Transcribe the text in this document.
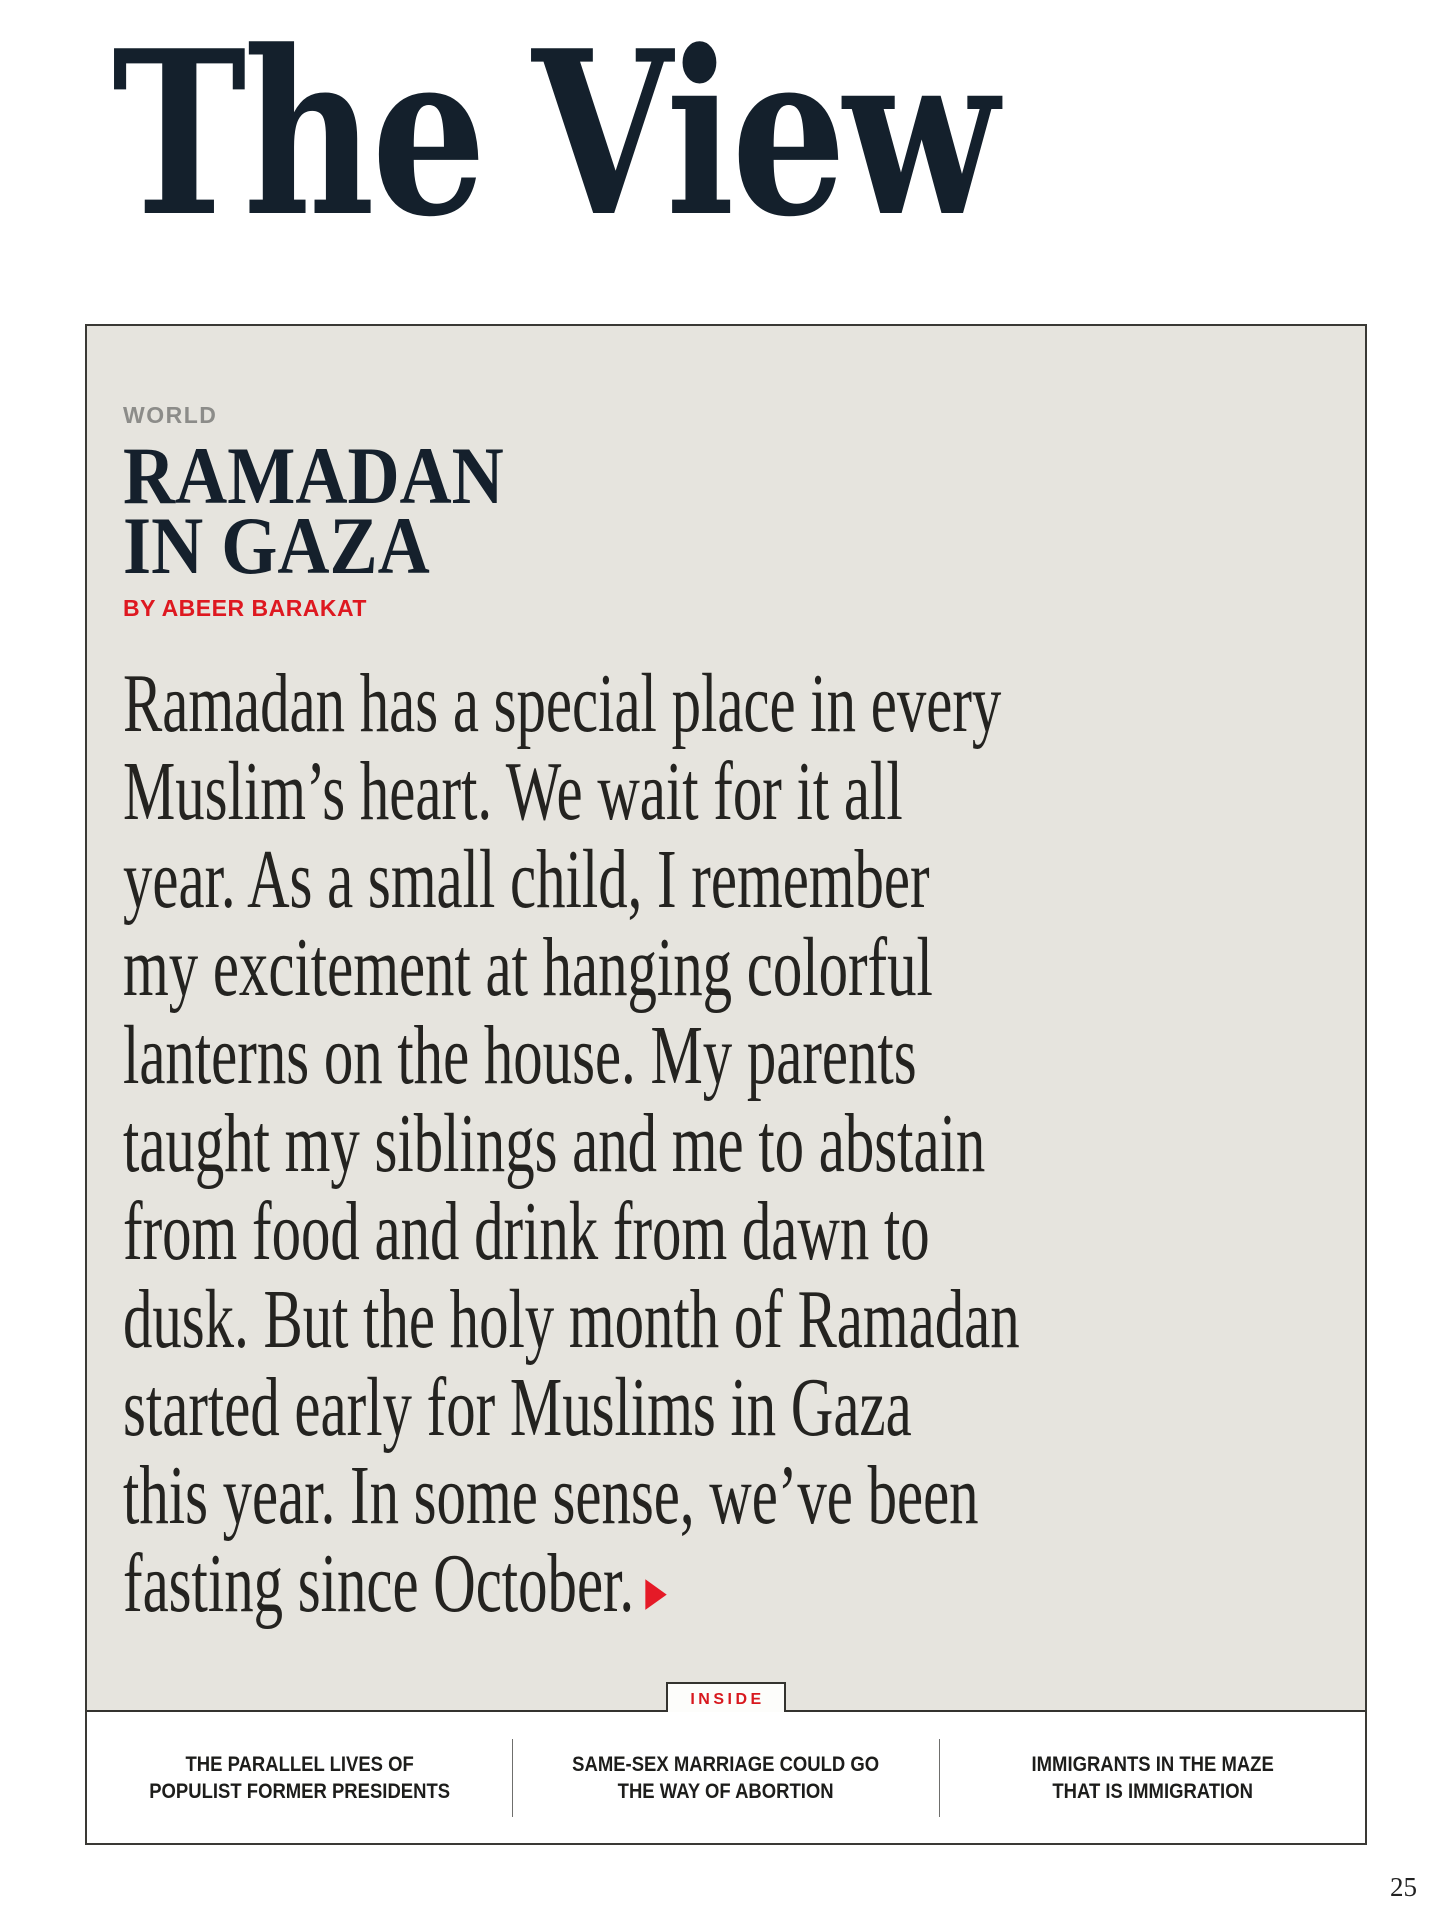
The View
WORLD
RAMADAN
IN GAZA
BY ABEER BARAKAT
Ramadan has a special place in every
Muslim’s heart. We wait for it all
year. As a small child, I remember
my excitement at hanging colorful
lanterns on the house. My parents
taught my siblings and me to abstain
from food and drink from dawn to
dusk. But the holy month of Ramadan
started early for Muslims in Gaza
this year. In some sense, we’ve been
fasting since October. ▶
INSIDE
THE PARALLEL LIVES OF
POPULIST FORMER PRESIDENTS
SAME-SEX MARRIAGE COULD GO
THE WAY OF ABORTION
IMMIGRANTS IN THE MAZE
THAT IS IMMIGRATION
25
